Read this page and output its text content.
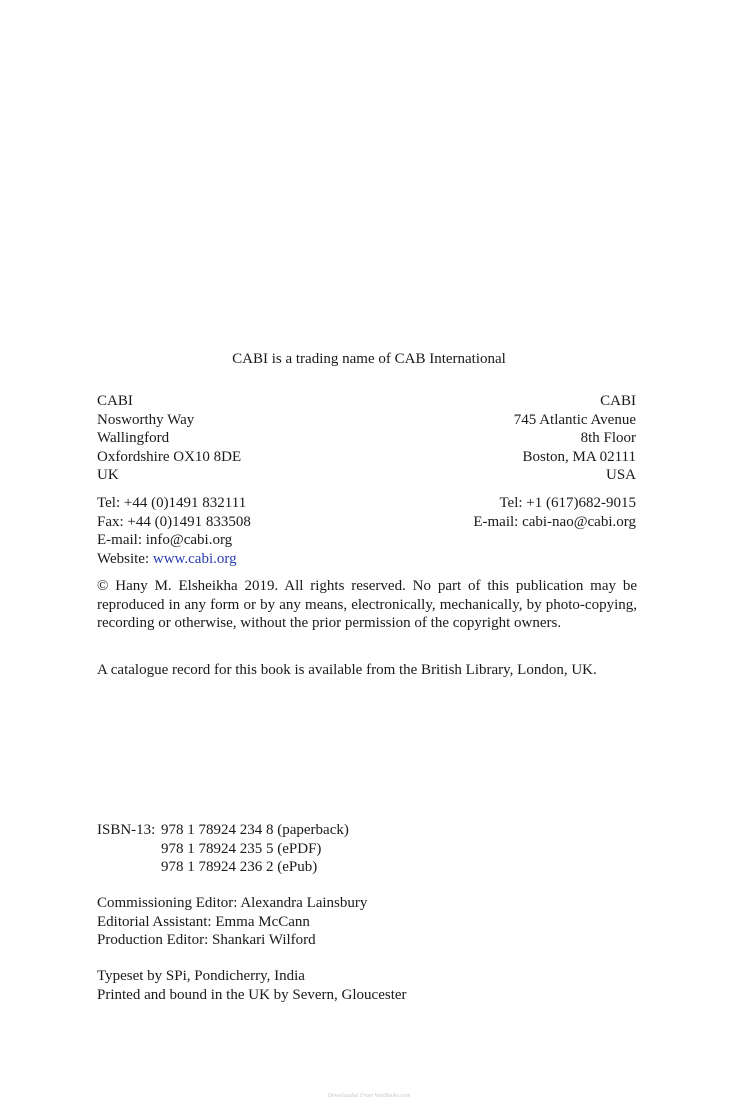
CABI is a trading name of CAB International
CABI
Nosworthy Way
Wallingford
Oxfordshire OX10 8DE
UK
CABI
745 Atlantic Avenue
8th Floor
Boston, MA 02111
USA
Tel: +44 (0)1491 832111
Fax: +44 (0)1491 833508
E-mail: info@cabi.org
Website: www.cabi.org
Tel: +1 (617)682-9015
E-mail: cabi-nao@cabi.org
© Hany M. Elsheikha 2019. All rights reserved. No part of this publication may be reproduced in any form or by any means, electronically, mechanically, by photo-copying, recording or otherwise, without the prior permission of the copyright owners.
A catalogue record for this book is available from the British Library, London, UK.
ISBN-13: 978 1 78924 234 8 (paperback)
978 1 78924 235 5 (ePDF)
978 1 78924 236 2 (ePub)
Commissioning Editor: Alexandra Lainsbury
Editorial Assistant: Emma McCann
Production Editor: Shankari Wilford
Typeset by SPi, Pondicherry, India
Printed and bound in the UK by Severn, Gloucester
Downloaded From VetsBooks.com
